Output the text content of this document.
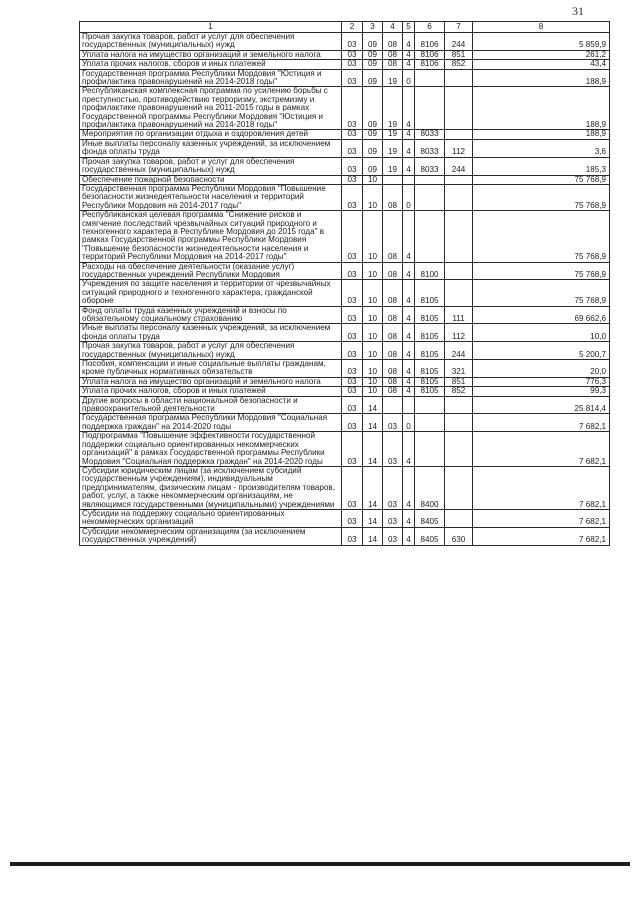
31
1	2	3	4	5	6	7	8
Прочая закупка товаров, работ и услуг для обеспечения государственных (муниципальных) нужд	03	09	08	4	8106	244	5 859,9
Уплата налога на имущество организаций и земельного налога	03	09	08	4	8106	851	261,2
Уплата прочих налогов, сборов и иных платежей	03	09	08	4	8106	852	43,4
Государственная программа Республики Мордовия "Юстиция и профилактика правонарушений на 2014-2018 годы"	03	09	19	0			188,9
Республиканская комплексная программа по усилению борьбы с преступностью, противодействию терроризму, экстремизму и профилактике правонарушений на 2011-2015 годы в рамках Государственной программы Республики Мордовия "Юстиция и профилактика правонарушений на 2014-2018 годы"	03	09	19	4			188,9
Мероприятия по организации отдыха и оздоровления детей	03	09	19	4	8033		188,9
Иные выплаты персоналу казенных учреждений, за исключением фонда оплаты труда	03	09	19	4	8033	112	3,6
Прочая закупка товаров, работ и услуг для обеспечения государственных (муниципальных) нужд	03	09	19	4	8033	244	185,3
Обеспечение пожарной безопасности	03	10					75 768,9
Государственная программа Республики Мордовия "Повышение безопасности жизнедеятельности населения и территорий Республики Мордовия на 2014-2017 годы"	03	10	08	0			75 768,9
Республиканская целевая программа "Снижение рисков и смягчение последствий чрезвычайных ситуаций природного и техногенного характера в Республике Мордовия до 2015 года" в рамках Государственной программы Республики Мордовия "Повышение безопасности жизнедеятельности населения и территорий Республики Мордовия на 2014-2017 годы"	03	10	08	4			75 768,9
Расходы на обеспечение деятельности (оказание услуг) государственных учреждений Республики Мордовия	03	10	08	4	8100		75 768,9
Учреждения по защите населения и территории от чрезвычайных ситуаций природного и техногенного характера, гражданской обороне	03	10	08	4	8105		75 768,9
Фонд оплаты труда казенных учреждений и взносы по обязательному социальному страхованию	03	10	08	4	8105	111	69 662,6
Иные выплаты персоналу казенных учреждений, за исключением фонда оплаты труда	03	10	08	4	8105	112	10,0
Прочая закупка товаров, работ и услуг для обеспечения государственных (муниципальных) нужд	03	10	08	4	8105	244	5 200,7
Пособия, компенсации и иные социальные выплаты гражданам, кроме публичных нормативных обязательств	03	10	08	4	8105	321	20,0
Уплата налога на имущество организаций и земельного налога	03	10	08	4	8105	851	776,3
Уплата прочих налогов, сборов и иных платежей	03	10	08	4	8105	852	99,3
Другие вопросы в области национальной безопасности и правоохранительной деятельности	03	14					25 814,4
Государственная программа Республики Мордовия "Социальная поддержка граждан" на 2014-2020 годы	03	14	03	0			7 682,1
Подпрограмма "Повышение эффективности государственной поддержки социально ориентированных некоммерческих организаций" в рамках Государственной программы Республики Мордовия "Социальная поддержка граждан" на 2014-2020 годы	03	14	03	4			7 682,1
Субсидии юридическим лицам (за исключением субсидий государственным учреждениям), индивидуальным предпринимателям, физическим лицам - производителям товаров, работ, услуг, а также некоммерческим организациям, не являющимся государственными (муниципальными) учреждениями	03	14	03	4	8400		7 682,1
Субсидии на поддержку социально ориентированных некоммерческих организаций	03	14	03	4	8405		7 682,1
Субсидии некоммерческим организациям (за исключением государственных учреждений)	03	14	03	4	8405	630	7 682,1
